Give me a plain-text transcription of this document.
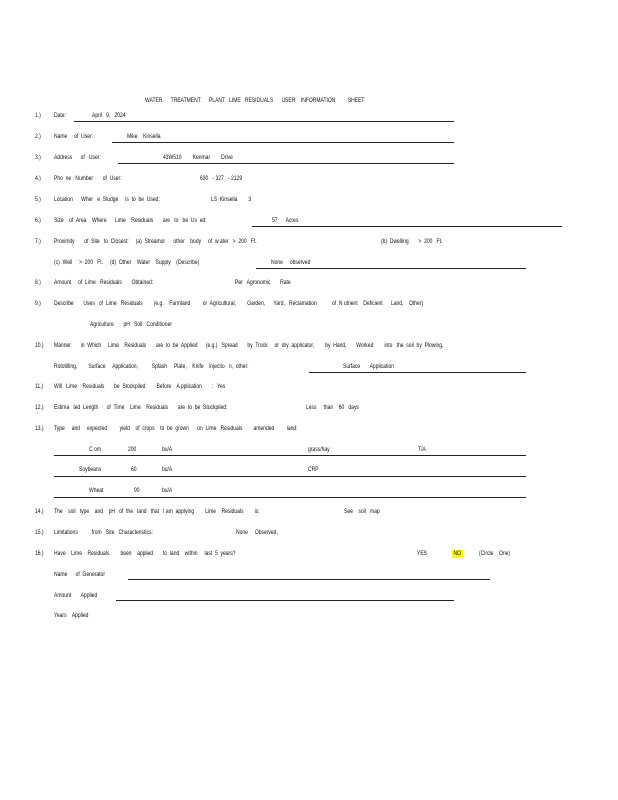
WATER      TREATMENT      PLANT   LIME   RESIDUALS      USER    INFORMATION         SHEET
1.) Date:	April   9,   2024
2.) Name     of  User:	Mike    Kinsella
3.) Address      of   User:	43W510        Kenmar        Drive
4.) Pho  ne   Number       of  User:	630   - 327   - 2129
5.) Location      Wher   e  Sludge     is  to  be  Used:	LS  Kinsella        3
6.) Size    of  Area    Where      Lime    Residuals       are   to   be  Us  ed:	57      Acres
7.) Proximity       of  Site   to  Closest:     (a)  Streamor      other    body     of  w ater   >  200   Ft.	(b)  Dwelling       >  200   Ft.
(c)  Well     >  200   Ft.     (d)  Other    Water    Supply    (Describe)	None     observed
8.) Amount     of  Lime   Residuals       Obtained:	Per   Agronomic       Rate
9.) Describe       Uses   of  Lime   Residuals        (e.g.    Farmland         or  Agricultural,        Garden,      Yard,   Reclamation           of  N utrient    Deficient      Land,    Other)
Agriculture       pH   Soil   Conditioner
10.) Manner       in  Which     Lime    Residuals       are  to  be  Applied      (e.g.)   Spread       by  Truck     or  dry  applicator,        by  Hand,       Worked        into   the  soil  by  Plowing,
Rototilling,        Surface     Application,          Splash     Plate,    Knife    injectio   n,  other:	Surface       Application
11.) Will   Lime    Residuals       be  Stockpiled        Before    A pplication       :   Yes
12.) Estima   ted  Length      of  Time    Lime    Residuals       are  to  be  Stockpiled:	Less     than    60   days
13.) Type     and     expected         yield    of  crops    to  be  grown      on  Lime   Residuals        amended         land:
C orn	200	bu/A	grass/hay	T/A
Soybeans	60	bu/A	CRP
Wheat	90	bu/A
14.) The    soil   type    and    pH   of  the   land   that   I am  applying        Lime    Residuals        is:	See    soil   map
15.) Limitations          from   Site   Characteristics:	None     Observed,
16.) Have    Lime    Residuals        been    applied       to  land    within     last  5  years?	YES	NO	(Circle    One)
Name      of  Generator
Amount       Applied
Years    Applied
